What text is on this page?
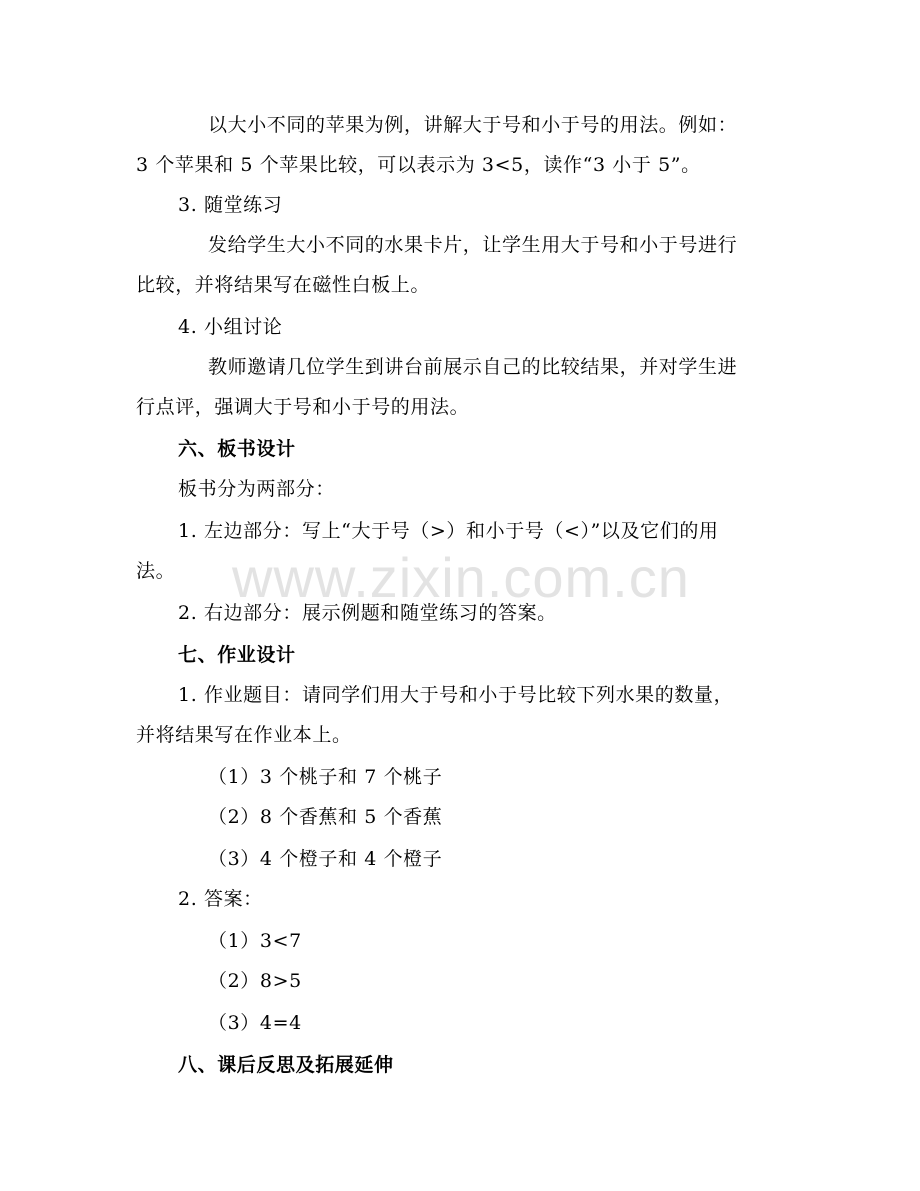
www.zixin.com.cn
以大小不同的苹果为例，讲解大于号和小于号的用法。例如：
3 个苹果和 5 个苹果比较，可以表示为 3<5，读作“3 小于 5”。
3. 随堂练习
发给学生大小不同的水果卡片，让学生用大于号和小于号进行
比较，并将结果写在磁性白板上。
4. 小组讨论
教师邀请几位学生到讲台前展示自己的比较结果，并对学生进
行点评，强调大于号和小于号的用法。
六、板书设计
板书分为两部分：
1. 左边部分：写上“大于号（>）和小于号（<）”以及它们的用
法。
2. 右边部分：展示例题和随堂练习的答案。
七、作业设计
1. 作业题目：请同学们用大于号和小于号比较下列水果的数量，
并将结果写在作业本上。
（1）3 个桃子和 7 个桃子
（2）8 个香蕉和 5 个香蕉
（3）4 个橙子和 4 个橙子
2. 答案：
（1）3<7
（2）8>5
（3）4=4
八、课后反思及拓展延伸
